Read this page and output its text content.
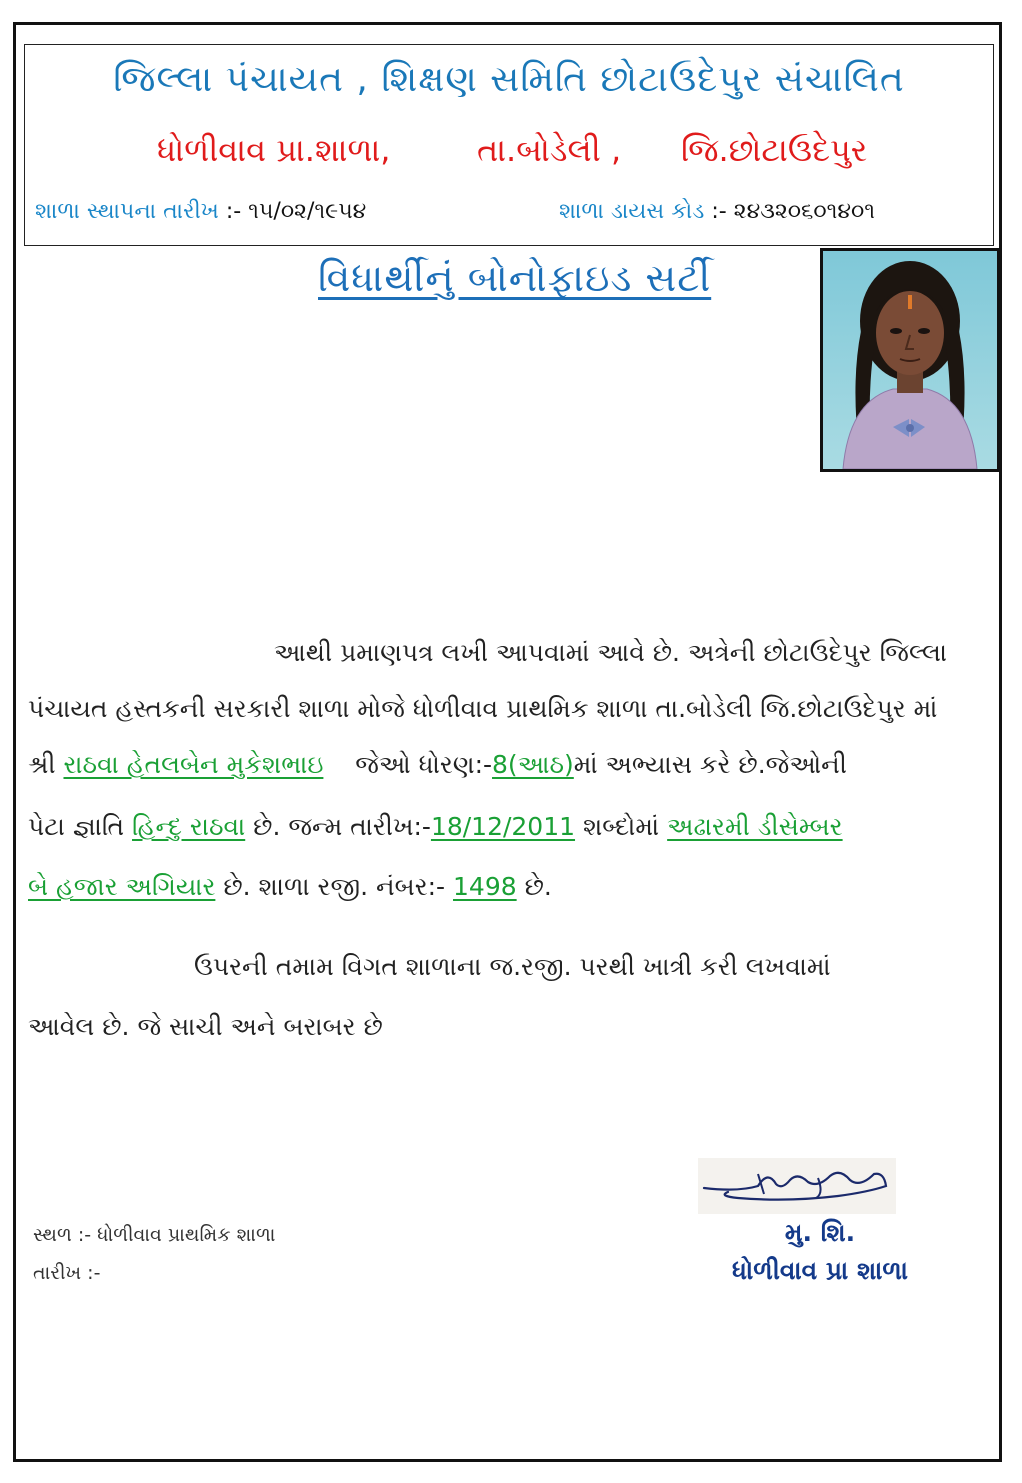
જિલ્લા પંચાયત , શિક્ષણ સમિતિ છોટાઉદેપુર સંચાલિત
ધોળીવાવ પ્રા.શાળા,	તા.બોડેલી , જિ.છોટાઉદેપુર
શાળા સ્થાપના તારીખ :- ૧૫/૦૨/૧૯૫૪	શાળા ડાયસ કોડ :- ૨૪૩૨૦૬૦૧૪૦૧
વિધાર્થીનું બોનોફાઇડ સર્ટી
આથી પ્રમાણપત્ર લખી આપવામાં આવે છે. અત્રેની છોટાઉદેપુર જિલ્લા
પંચાયત હસ્તકની સરકારી શાળા મોજે ધોળીવાવ પ્રાથમિક શાળા તા.બોડેલી જિ.છોટાઉદેપુર માં
શ્રી રાઠવા હેતલબેન મુકેશભાઇ જેઓ ધોરણ:-8(આઠ)માં અભ્યાસ કરે છે.જેઓની
પેટા જ્ઞાતિ હિન્દુ રાઠવા છે. જન્મ તારીખ:-18/12/2011 શબ્દોમાં અઢારમી ડીસેમ્બર
બે હજાર અગિયાર છે. શાળા રજી. નંબર:- 1498 છે.
ઉપરની તમામ વિગત શાળાના જ.રજી. પરથી ખાત્રી કરી લખવામાં
આવેલ છે. જે સાચી અને બરાબર છે
સ્થળ :- ધોળીવાવ પ્રાથમિક શાળા
તારીખ :-
મુ. શિ.
ધોળીવાવ પ્રા શાળા
